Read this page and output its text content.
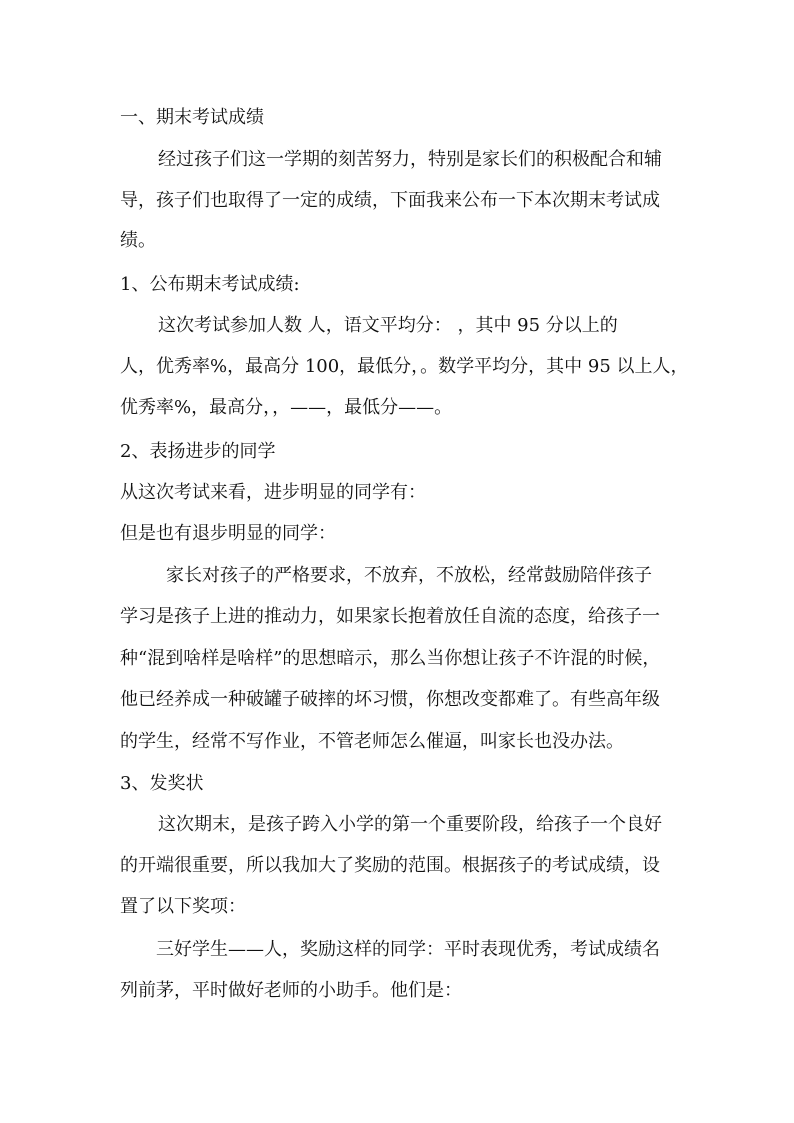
一、期末考试成绩
经过孩子们这一学期的刻苦努力，特别是家长们的积极配合和辅
导，孩子们也取得了一定的成绩，下面我来公布一下本次期末考试成
绩。
1、公布期末考试成绩:
这次考试参加人数 人，语文平均分： ，其中 95 分以上的
人，优秀率%，最高分 100，最低分，。数学平均分，其中 95 以上人，
优秀率%，最高分，，——，最低分——。
2、表扬进步的同学
从这次考试来看，进步明显的同学有：
但是也有退步明显的同学：
家长对孩子的严格要求，不放弃，不放松，经常鼓励陪伴孩子
学习是孩子上进的推动力，如果家长抱着放任自流的态度，给孩子一
种“混到啥样是啥样”的思想暗示，那么当你想让孩子不许混的时候，
他已经养成一种破罐子破摔的坏习惯，你想改变都难了。有些高年级
的学生，经常不写作业，不管老师怎么催逼，叫家长也没办法。
3、发奖状
这次期末，是孩子跨入小学的第一个重要阶段，给孩子一个良好
的开端很重要，所以我加大了奖励的范围。根据孩子的考试成绩，设
置了以下奖项：
三好学生——人，奖励这样的同学：平时表现优秀，考试成绩名
列前茅，平时做好老师的小助手。他们是：
